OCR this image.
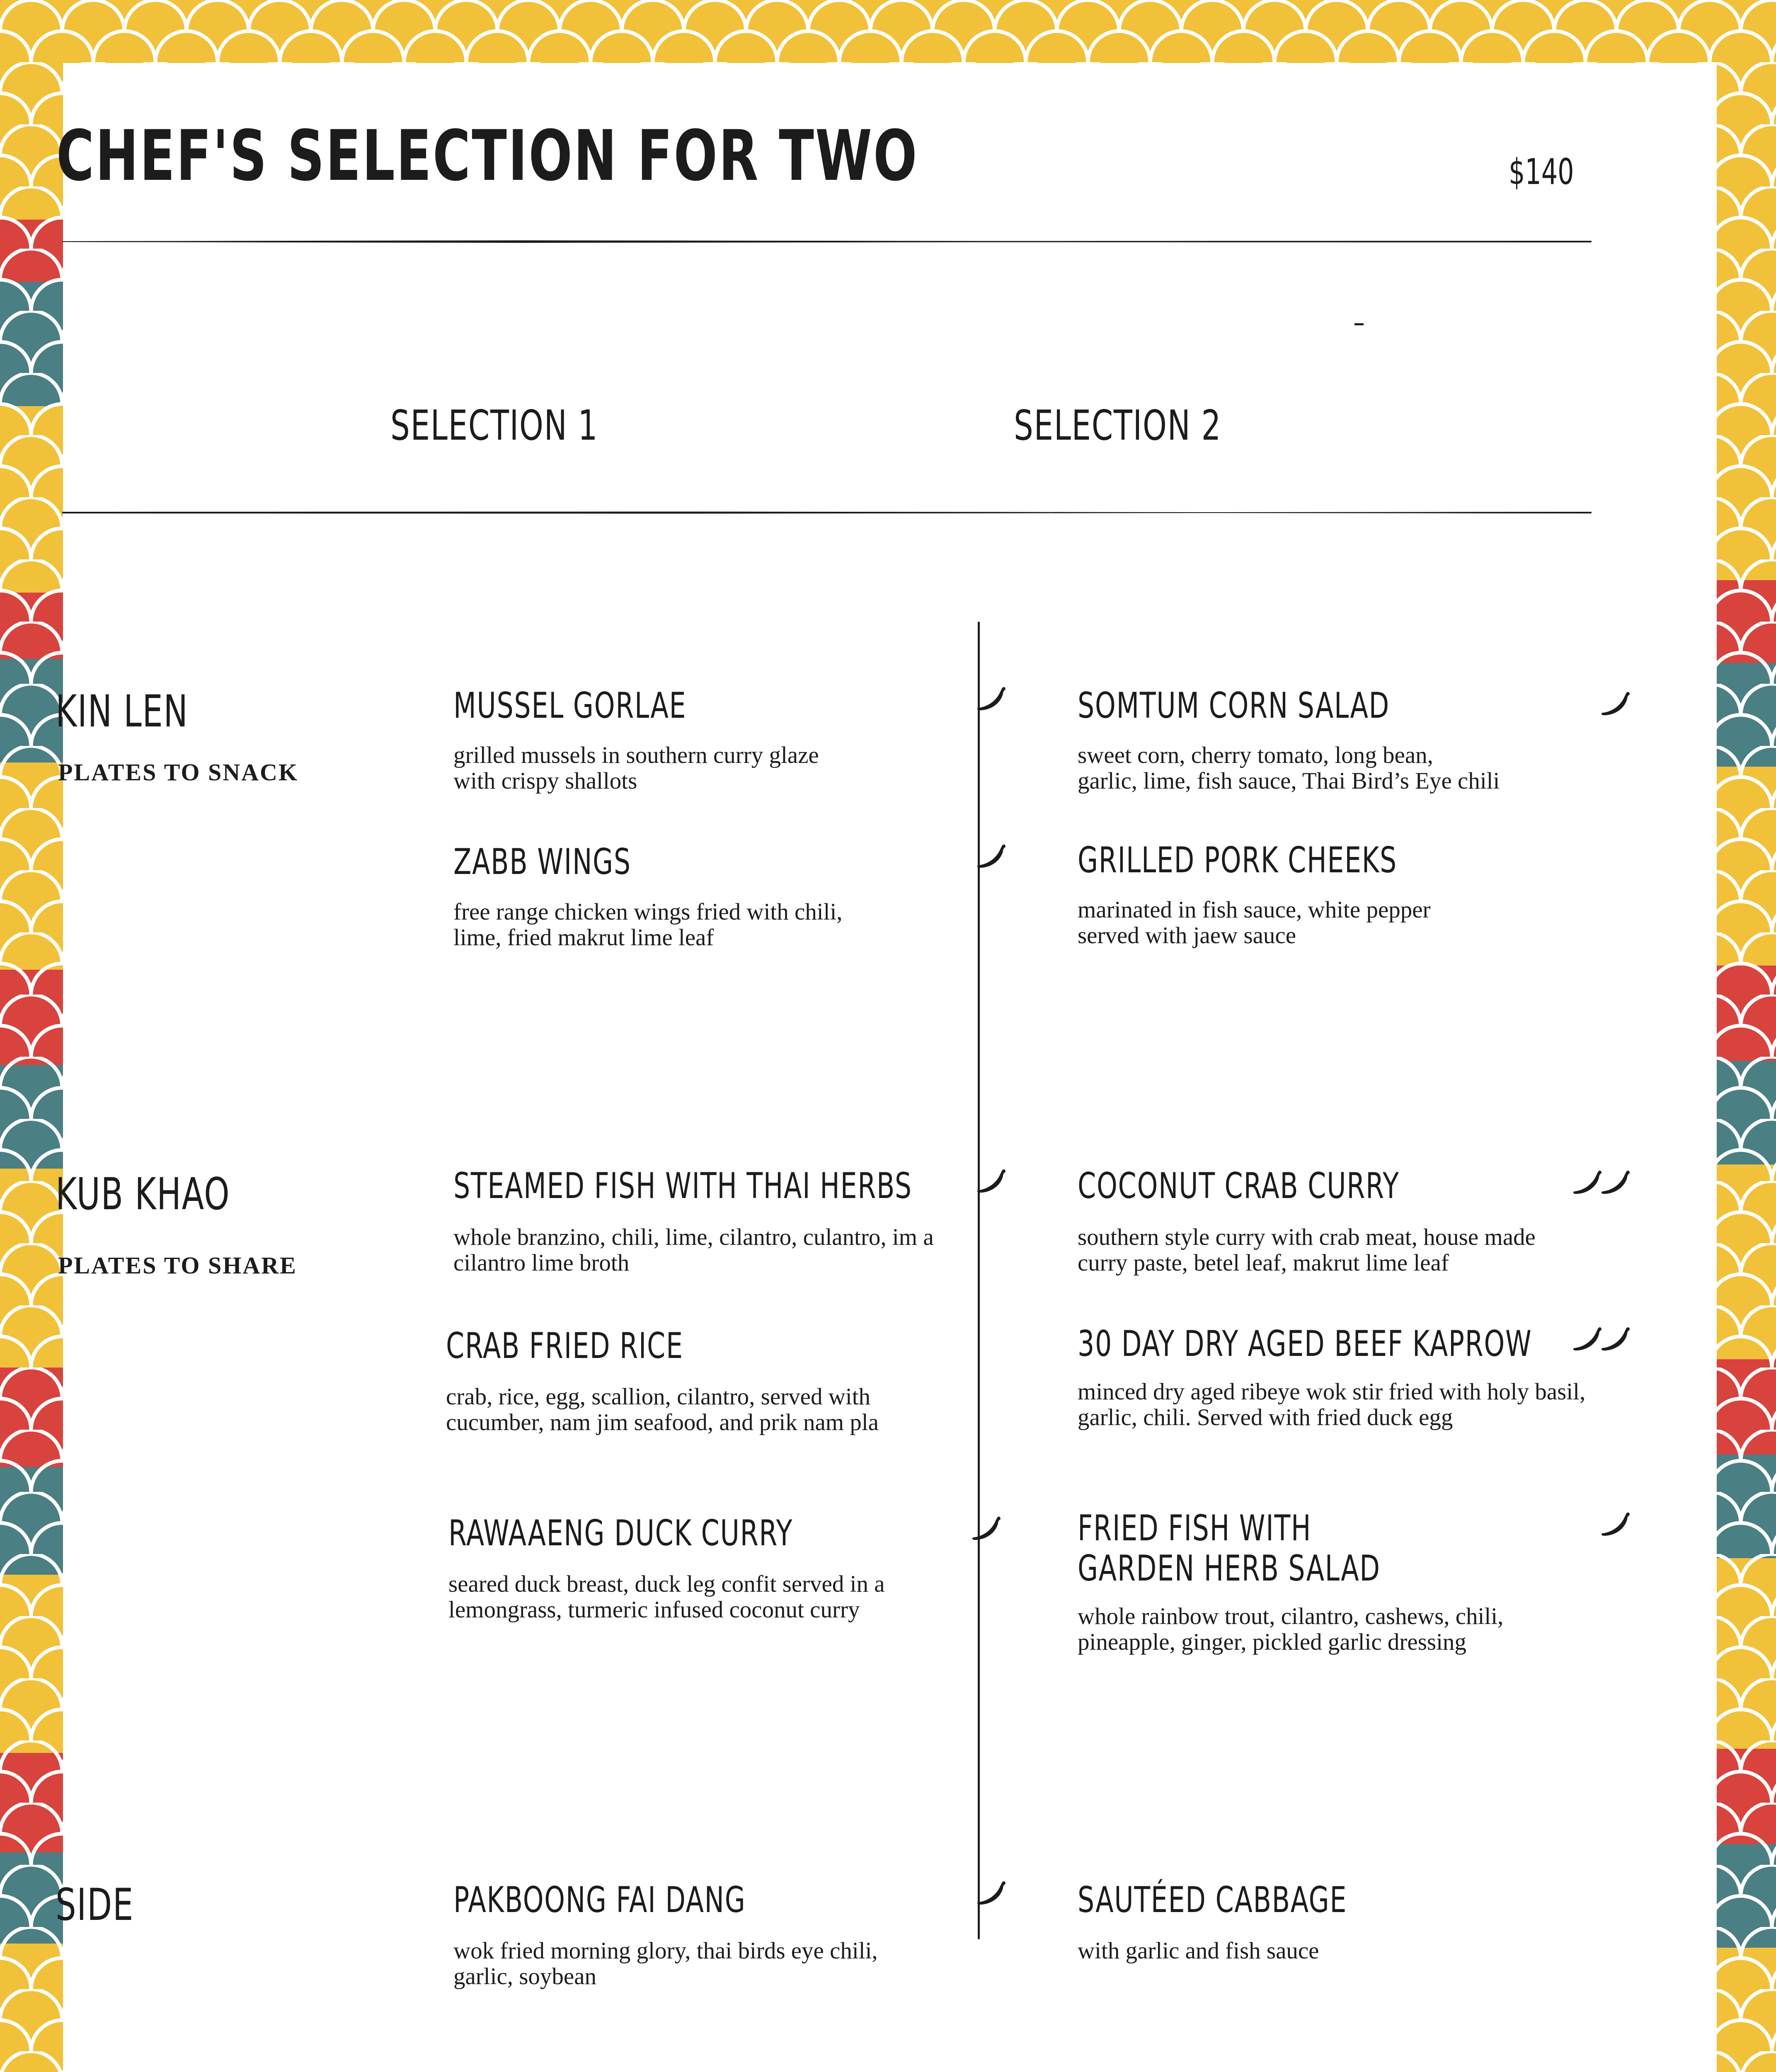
CHEF'S SELECTION FOR TWO	$140
SELECTION 1	SELECTION 2
KIN LEN
PLATES TO SNACK
KUB KHAO
PLATES TO SHARE
SIDE
MUSSEL GORLAE
grilled mussels in southern curry glaze
with crispy shallots
ZABB WINGS
free range chicken wings fried with chili,
lime, fried makrut lime leaf
STEAMED FISH WITH THAI HERBS
whole branzino, chili, lime, cilantro, culantro, im a
cilantro lime broth
CRAB FRIED RICE
crab, rice, egg, scallion, cilantro, served with
cucumber, nam jim seafood, and prik nam pla
RAWAAENG DUCK CURRY
seared duck breast, duck leg confit served in a
lemongrass, turmeric infused coconut curry
PAKBOONG FAI DANG
wok fried morning glory, thai birds eye chili,
garlic, soybean
SOMTUM CORN SALAD
sweet corn, cherry tomato, long bean,
garlic, lime, fish sauce, Thai Bird’s Eye chili
GRILLED PORK CHEEKS
marinated in fish sauce, white pepper
served with jaew sauce
COCONUT CRAB CURRY
southern style curry with crab meat, house made
curry paste, betel leaf, makrut lime leaf
30 DAY DRY AGED BEEF KAPROW
minced dry aged ribeye wok stir fried with holy basil,
garlic, chili. Served with fried duck egg
FRIED FISH WITH
GARDEN HERB SALAD
whole rainbow trout, cilantro, cashews, chili,
pineapple, ginger, pickled garlic dressing
SAUTÉED CABBAGE
with garlic and fish sauce
